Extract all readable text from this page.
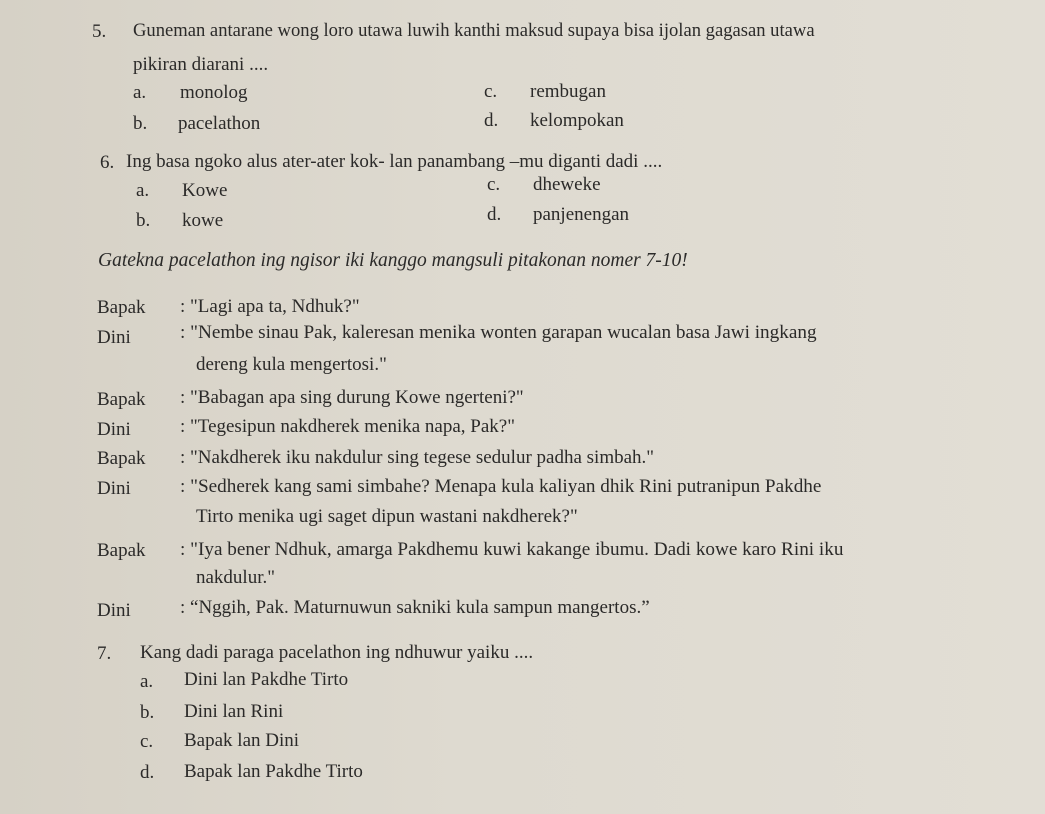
5. Guneman antarane wong loro utawa luwih kanthi maksud supaya bisa ijolan gagasan utawa
pikiran diarani ....
a. monolog
b. pacelathon
c. rembugan
d. kelompokan
6. Ing basa ngoko alus ater-ater kok- lan panambang –mu diganti dadi ....
a. Kowe
b. kowe
c. dheweke
d. panjenengan
Gatekna pacelathon ing ngisor iki kanggo mangsuli pitakonan nomer 7-10!
Bapak : "Lagi apa ta, Ndhuk?"
Dini	: "Nembe sinau Pak, kaleresan menika wonten garapan wucalan basa Jawi ingkang
dereng kula mengertosi."
Bapak : "Babagan apa sing durung Kowe ngerteni?"
Dini	: "Tegesipun nakdherek menika napa, Pak?"
Bapak : "Nakdherek iku nakdulur sing tegese sedulur padha simbah."
Dini	: "Sedherek kang sami simbahe? Menapa kula kaliyan dhik Rini putranipun Pakdhe
Tirto menika ugi saget dipun wastani nakdherek?"
Bapak : "Iya bener Ndhuk, amarga Pakdhemu kuwi kakange ibumu. Dadi kowe karo Rini iku
nakdulur."
Dini	: “Nggih, Pak. Maturnuwun sakniki kula sampun mangertos.”
7. Kang dadi paraga pacelathon ing ndhuwur yaiku ....
a. Dini lan Pakdhe Tirto
b. Dini lan Rini
c. Bapak lan Dini
d. Bapak lan Pakdhe Tirto
